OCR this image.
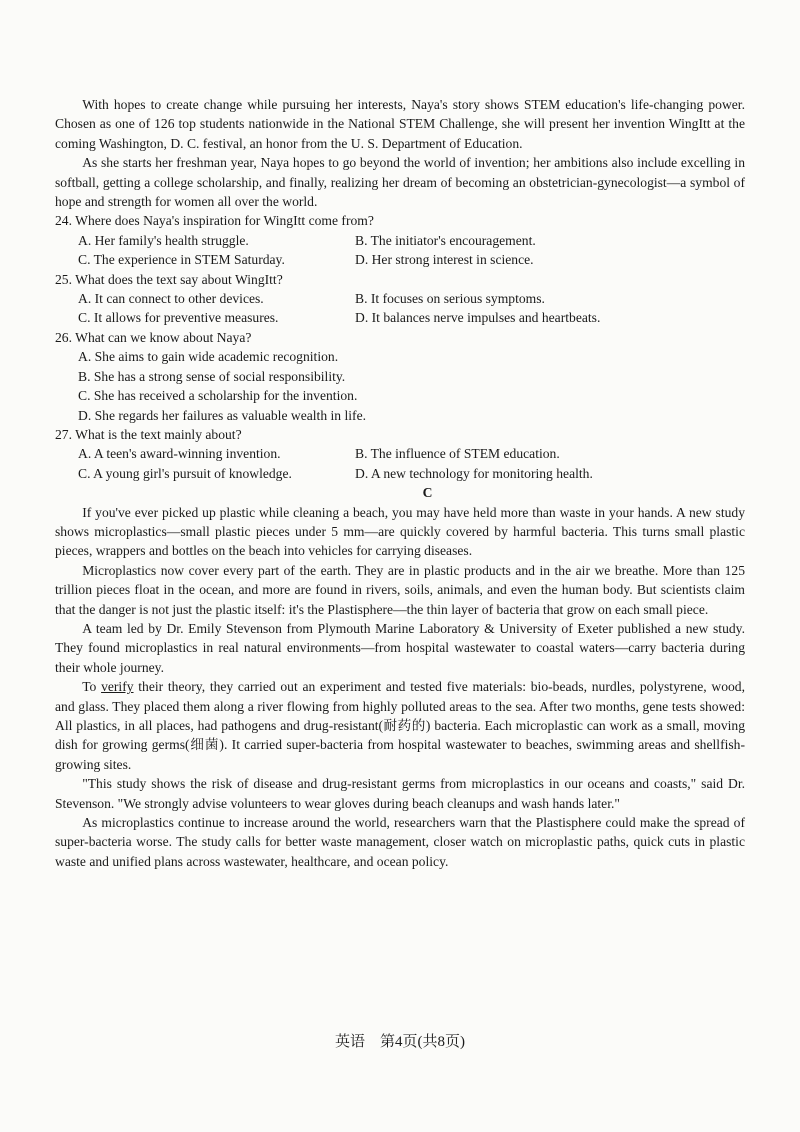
With hopes to create change while pursuing her interests, Naya's story shows STEM education's life-changing power. Chosen as one of 126 top students nationwide in the National STEM Challenge, she will present her invention WingItt at the coming Washington, D. C. festival, an honor from the U. S. Department of Education.

As she starts her freshman year, Naya hopes to go beyond the world of invention; her ambitions also include excelling in softball, getting a college scholarship, and finally, realizing her dream of becoming an obstetrician-gynecologist—a symbol of hope and strength for women all over the world.

24. Where does Naya's inspiration for WingItt come from?
A. Her family's health struggle.	B. The initiator's encouragement.
C. The experience in STEM Saturday.	D. Her strong interest in science.
25. What does the text say about WingItt?
A. It can connect to other devices.	B. It focuses on serious symptoms.
C. It allows for preventive measures.	D. It balances nerve impulses and heartbeats.
26. What can we know about Naya?
A. She aims to gain wide academic recognition.
B. She has a strong sense of social responsibility.
C. She has received a scholarship for the invention.
D. She regards her failures as valuable wealth in life.
27. What is the text mainly about?
A. A teen's award-winning invention.	B. The influence of STEM education.
C. A young girl's pursuit of knowledge.	D. A new technology for monitoring health.
C

If you've ever picked up plastic while cleaning a beach, you may have held more than waste in your hands. A new study shows microplastics—small plastic pieces under 5 mm—are quickly covered by harmful bacteria. This turns small plastic pieces, wrappers and bottles on the beach into vehicles for carrying diseases.

Microplastics now cover every part of the earth. They are in plastic products and in the air we breathe. More than 125 trillion pieces float in the ocean, and more are found in rivers, soils, animals, and even the human body. But scientists claim that the danger is not just the plastic itself: it's the Plastisphere—the thin layer of bacteria that grow on each small piece.

A team led by Dr. Emily Stevenson from Plymouth Marine Laboratory & University of Exeter published a new study. They found microplastics in real natural environments—from hospital wastewater to coastal waters—carry bacteria during their whole journey.

To verify their theory, they carried out an experiment and tested five materials: bio-beads, nurdles, polystyrene, wood, and glass. They placed them along a river flowing from highly polluted areas to the sea. After two months, gene tests showed: All plastics, in all places, had pathogens and drug-resistant(耐药的) bacteria. Each microplastic can work as a small, moving dish for growing germs(细菌). It carried super-bacteria from hospital wastewater to beaches, swimming areas and shellfish-growing sites.

"This study shows the risk of disease and drug-resistant germs from microplastics in our oceans and coasts," said Dr. Stevenson. "We strongly advise volunteers to wear gloves during beach cleanups and wash hands later."

As microplastics continue to increase around the world, researchers warn that the Plastisphere could make the spread of super-bacteria worse. The study calls for better waste management, closer watch on microplastic paths, quick cuts in plastic waste and unified plans across wastewater, healthcare, and ocean policy.

英语　第4页(共8页)
